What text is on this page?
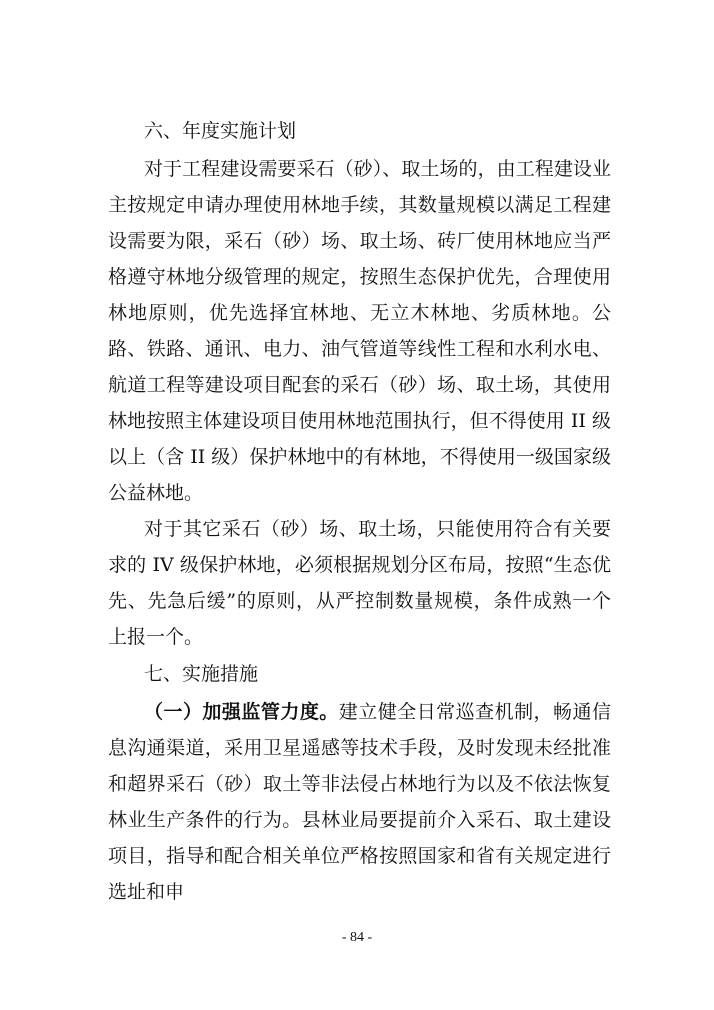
六、年度实施计划

对于工程建设需要采石（砂）、取土场的，由工程建设业主按规定申请办理使用林地手续，其数量规模以满足工程建设需要为限，采石（砂）场、取土场、砖厂使用林地应当严格遵守林地分级管理的规定，按照生态保护优先，合理使用林地原则，优先选择宜林地、无立木林地、劣质林地。公路、铁路、通讯、电力、油气管道等线性工程和水利水电、航道工程等建设项目配套的采石（砂）场、取土场，其使用林地按照主体建设项目使用林地范围执行，但不得使用 II 级以上（含 II 级）保护林地中的有林地，不得使用一级国家级公益林地。

对于其它采石（砂）场、取土场，只能使用符合有关要求的 IV 级保护林地，必须根据规划分区布局，按照“生态优先、先急后缓”的原则，从严控制数量规模，条件成熟一个上报一个。

七、实施措施

（一）加强监管力度。建立健全日常巡查机制，畅通信息沟通渠道，采用卫星遥感等技术手段，及时发现未经批准和超界采石（砂）取土等非法侵占林地行为以及不依法恢复林业生产条件的行为。县林业局要提前介入采石、取土建设项目，指导和配合相关单位严格按照国家和省有关规定进行选址和申

- 84 -
